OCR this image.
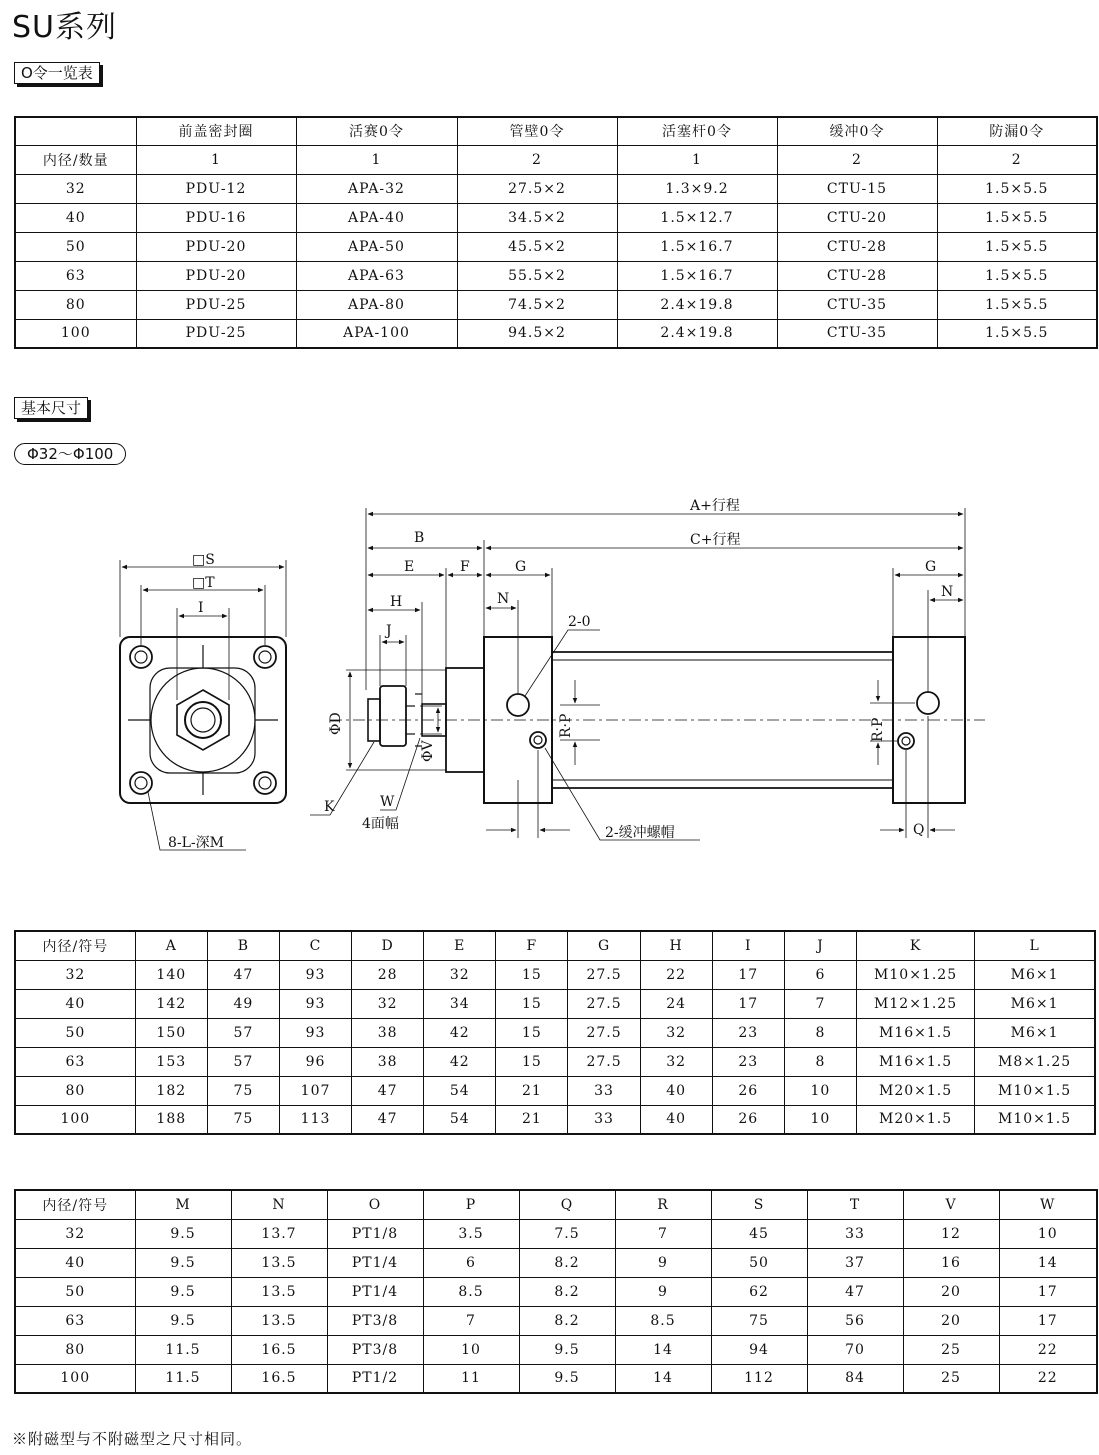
SU系列
O令一览表
	前盖密封圈	活赛0令	管壁0令	活塞杆0令	缓冲0令	防漏0令
内径/数量	1	1	2	1	2	2
32	PDU-12	APA-32	27.5×2	1.3×9.2	CTU-15	1.5×5.5
40	PDU-16	APA-40	34.5×2	1.5×12.7	CTU-20	1.5×5.5
50	PDU-20	APA-50	45.5×2	1.5×16.7	CTU-28	1.5×5.5
63	PDU-20	APA-63	55.5×2	1.5×16.7	CTU-28	1.5×5.5
80	PDU-25	APA-80	74.5×2	2.4×19.8	CTU-35	1.5×5.5
100	PDU-25	APA-100	94.5×2	2.4×19.8	CTU-35	1.5×5.5
基本尺寸
Φ32～Φ100
□S
□T
I
8-L-深M
A+行程
C+行程
B
E	F	G	G
H
J
N	N
2-0
ΦD
ΦV
R·P	R·P
K	W
4面幅	Q
2-缓冲螺帽
内径/符号	A	B	C	D	E	F	G	H	I	J	K	L
32	140	47	93	28	32	15	27.5	22	17	6	M10×1.25	M6×1
40	142	49	93	32	34	15	27.5	24	17	7	M12×1.25	M6×1
50	150	57	93	38	42	15	27.5	32	23	8	M16×1.5	M6×1
63	153	57	96	38	42	15	27.5	32	23	8	M16×1.5	M8×1.25
80	182	75	107	47	54	21	33	40	26	10	M20×1.5	M10×1.5
100	188	75	113	47	54	21	33	40	26	10	M20×1.5	M10×1.5
内径/符号	M	N	O	P	Q	R	S	T	V	W
32	9.5	13.7	PT1/8	3.5	7.5	7	45	33	12	10
40	9.5	13.5	PT1/4	6	8.2	9	50	37	16	14
50	9.5	13.5	PT1/4	8.5	8.2	9	62	47	20	17
63	9.5	13.5	PT3/8	7	8.2	8.5	75	56	20	17
80	11.5	16.5	PT3/8	10	9.5	14	94	70	25	22
100	11.5	16.5	PT1/2	11	9.5	14	112	84	25	22
※附磁型与不附磁型之尺寸相同。
